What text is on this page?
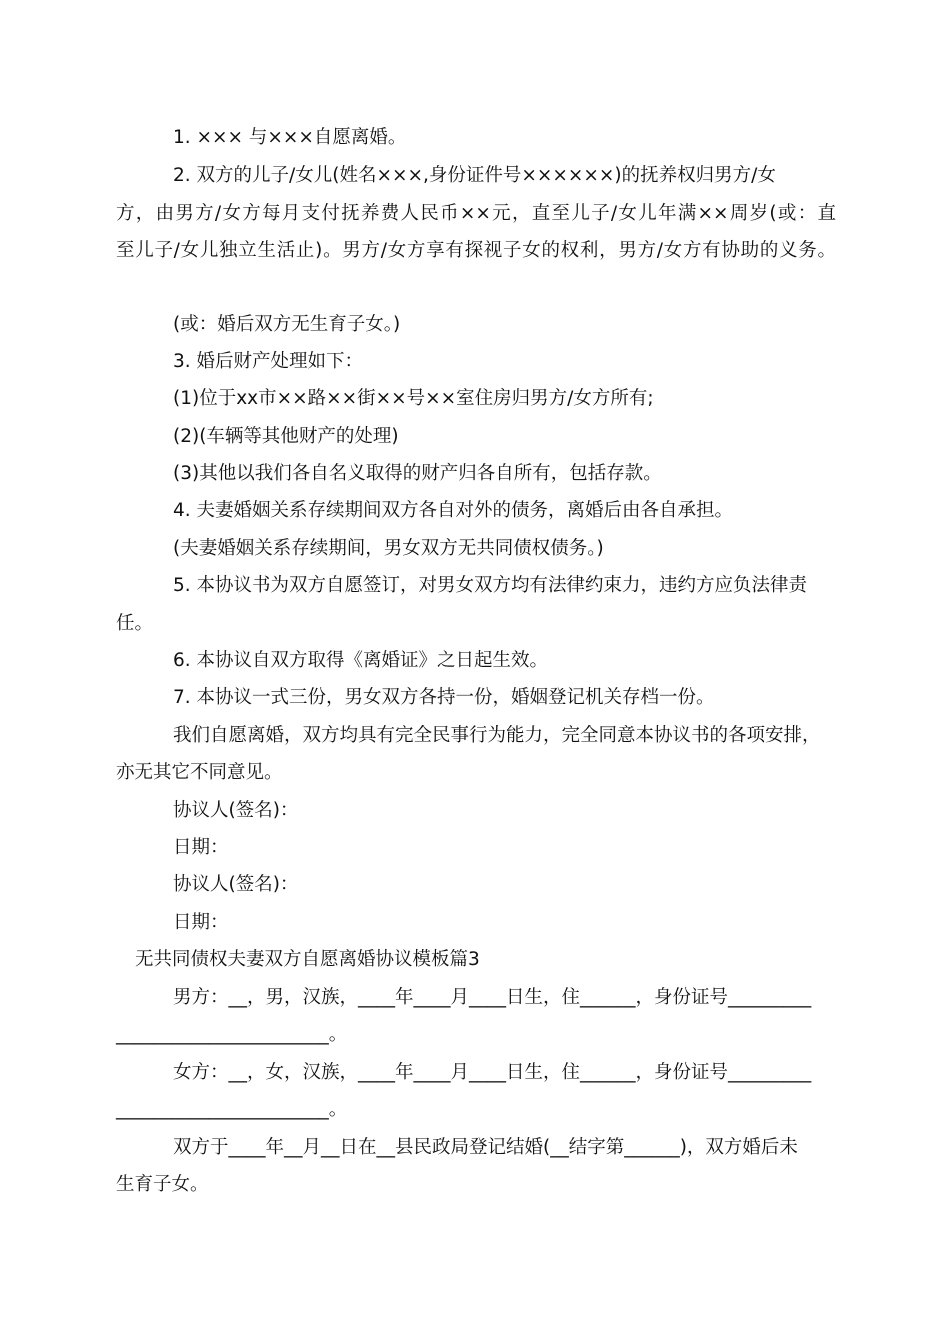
1. ××× 与×××自愿离婚。
2. 双方的儿子/女儿(姓名×××,身份证件号××××××)的抚养权归男方/女
方，由男方/女方每月支付抚养费人民币××元，直至儿子/女儿年满××周岁(或：直
至儿子/女儿独立生活止)。男方/女方享有探视子女的权利，男方/女方有协助的义务。
(或：婚后双方无生育子女。)
3. 婚后财产处理如下：
(1)位于xx市××路××街××号××室住房归男方/女方所有;
(2)(车辆等其他财产的处理)
(3)其他以我们各自名义取得的财产归各自所有，包括存款。
4. 夫妻婚姻关系存续期间双方各自对外的债务，离婚后由各自承担。
(夫妻婚姻关系存续期间，男女双方无共同债权债务。)
5. 本协议书为双方自愿签订，对男女双方均有法律约束力，违约方应负法律责
任。
6. 本协议自双方取得《离婚证》之日起生效。
7. 本协议一式三份，男女双方各持一份，婚姻登记机关存档一份。
我们自愿离婚，双方均具有完全民事行为能力，完全同意本协议书的各项安排，
亦无其它不同意见。
协议人(签名)：
日期：
协议人(签名)：
日期：
无共同债权夫妻双方自愿离婚协议模板篇3
男方：__，男，汉族，____年____月____日生，住______，身份证号_________
_______________________。
女方：__，女，汉族，____年____月____日生，住______，身份证号_________
_______________________。
双方于____年__月__日在__县民政局登记结婚(__结字第______)，双方婚后未
生育子女。
